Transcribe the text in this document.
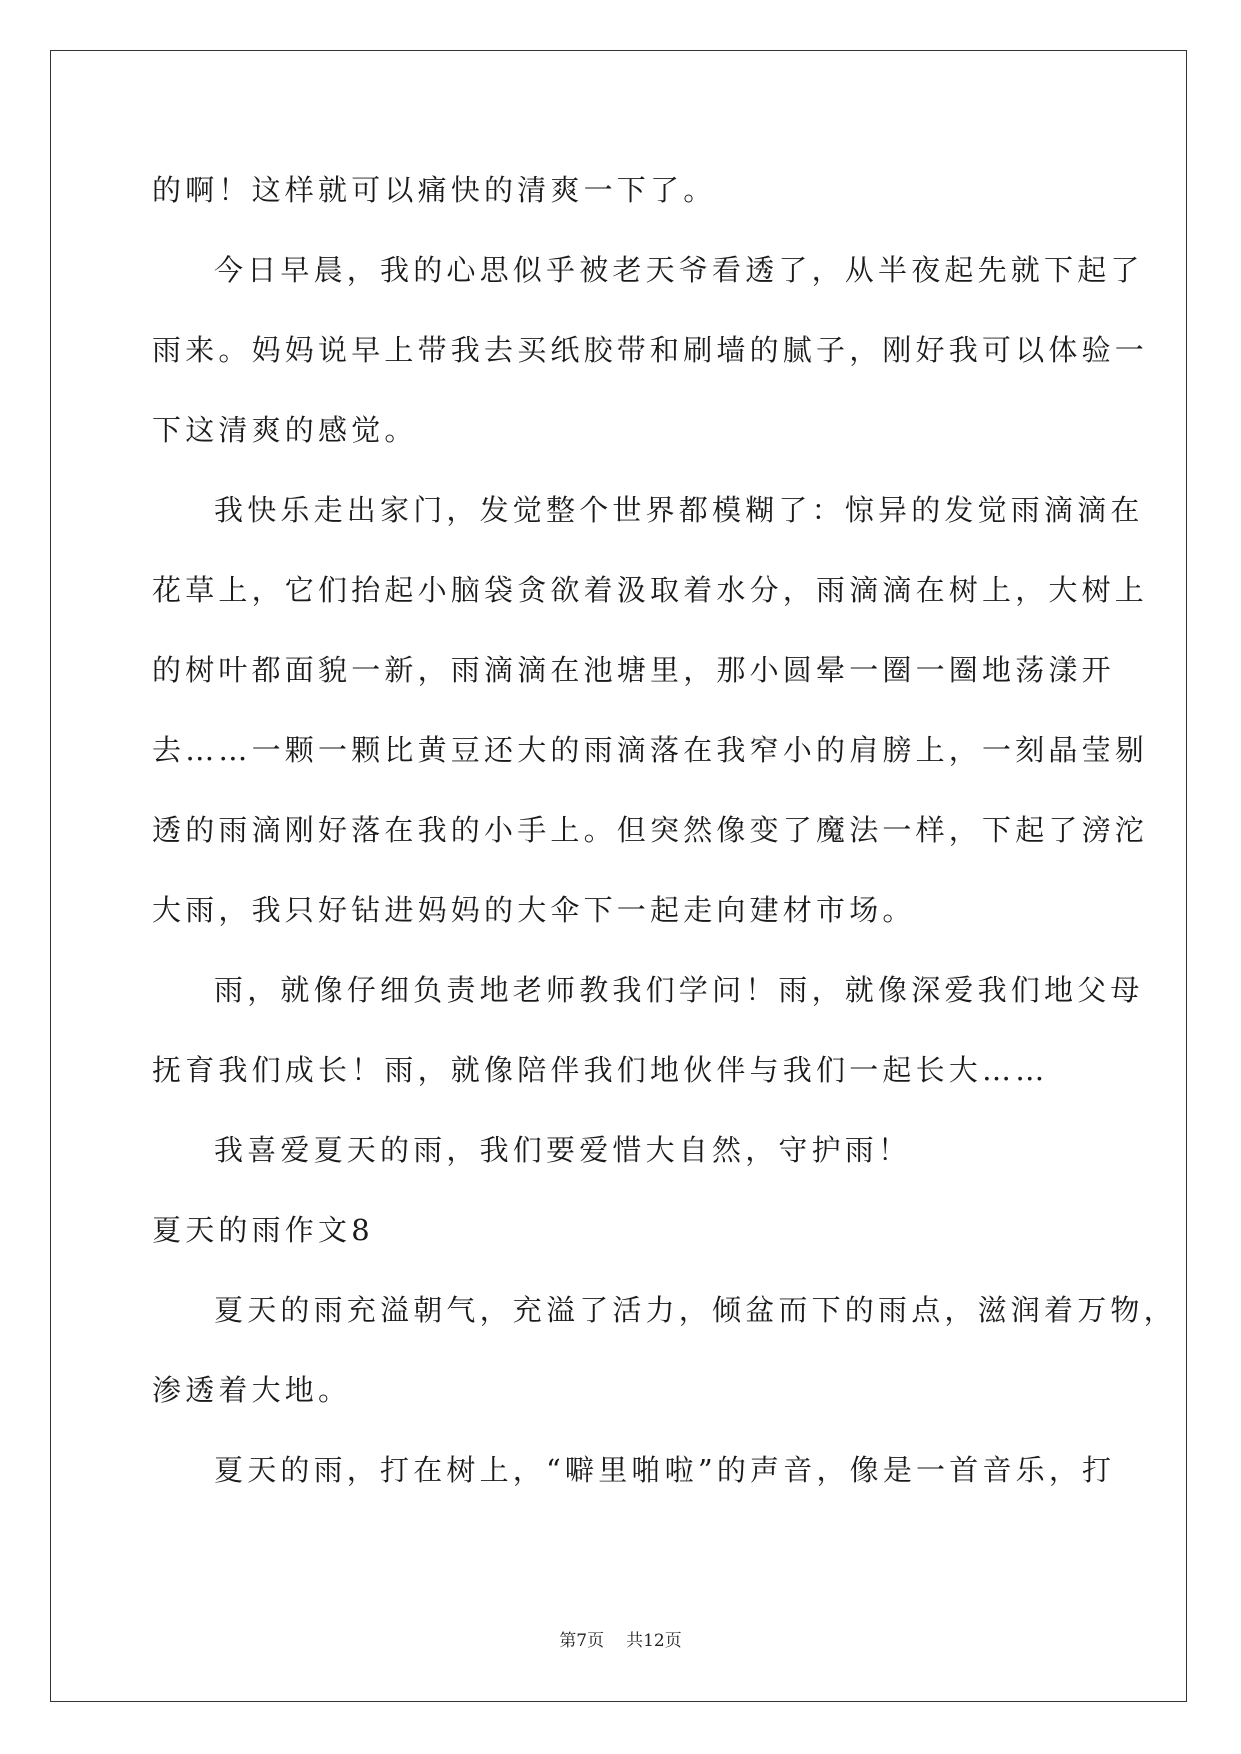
的啊！这样就可以痛快的清爽一下了。
今日早晨，我的心思似乎被老天爷看透了，从半夜起先就下起了
雨来。妈妈说早上带我去买纸胶带和刷墙的腻子，刚好我可以体验一
下这清爽的感觉。
我快乐走出家门，发觉整个世界都模糊了：惊异的发觉雨滴滴在
花草上，它们抬起小脑袋贪欲着汲取着水分，雨滴滴在树上，大树上
的树叶都面貌一新，雨滴滴在池塘里，那小圆晕一圈一圈地荡漾开
去……一颗一颗比黄豆还大的雨滴落在我窄小的肩膀上，一刻晶莹剔
透的雨滴刚好落在我的小手上。但突然像变了魔法一样，下起了滂沱
大雨，我只好钻进妈妈的大伞下一起走向建材市场。
雨，就像仔细负责地老师教我们学问！雨，就像深爱我们地父母
抚育我们成长！雨，就像陪伴我们地伙伴与我们一起长大……
我喜爱夏天的雨，我们要爱惜大自然，守护雨！
夏天的雨作文8
夏天的雨充溢朝气，充溢了活力，倾盆而下的雨点，滋润着万物，
渗透着大地。
夏天的雨，打在树上，“噼里啪啦”的声音，像是一首音乐，打
第7页 共12页
